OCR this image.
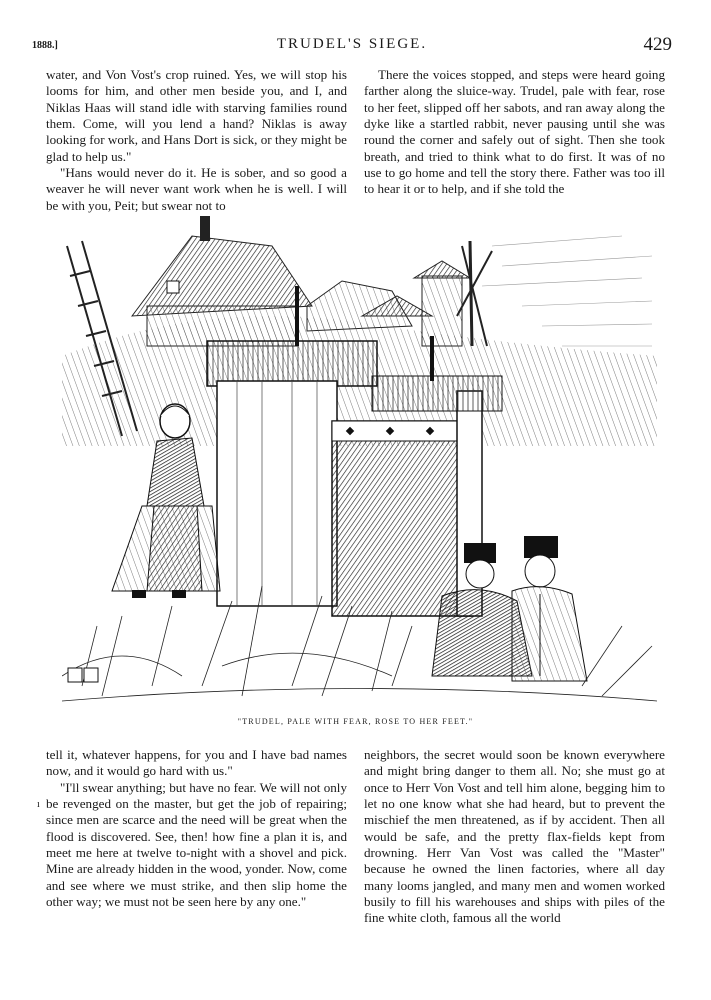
1888.]	TRUDEL'S SIEGE.	429

water, and Von Vost's crop ruined. Yes, we will stop his looms for him, and other men beside you, and I, and Niklas Haas will stand idle with starving families round them. Come, will you lend a hand? Niklas is away looking for work, and Hans Dort is sick, or they might be glad to help us."

"Hans would never do it. He is sober, and so good a weaver he will never want work when he is well. I will be with you, Peit; but swear not to

There the voices stopped, and steps were heard going farther along the sluice-way. Trudel, pale with fear, rose to her feet, slipped off her sabots, and ran away along the dyke like a startled rabbit, never pausing until she was round the corner and safely out of sight. Then she took breath, and tried to think what to do first. It was of no use to go home and tell the story there. Father was too ill to hear it or to help, and if she told the

"TRUDEL, PALE WITH FEAR, ROSE TO HER FEET."
ı

tell it, whatever happens, for you and I have bad names now, and it would go hard with us."

"I'll swear anything; but have no fear. We will not only be revenged on the master, but get the job of repairing; since men are scarce and the need will be great when the flood is discovered. See, then! how fine a plan it is, and meet me here at twelve to-night with a shovel and pick. Mine are already hidden in the wood, yonder. Now, come and see where we must strike, and then slip home the other way; we must not be seen here by any one."

neighbors, the secret would soon be known everywhere and might bring danger to them all. No; she must go at once to Herr Von Vost and tell him alone, begging him to let no one know what she had heard, but to prevent the mischief the men threatened, as if by accident. Then all would be safe, and the pretty flax-fields kept from drowning. Herr Van Vost was called the "Master" because he owned the linen factories, where all day many looms jangled, and many men and women worked busily to fill his warehouses and ships with piles of the fine white cloth, famous all the world
